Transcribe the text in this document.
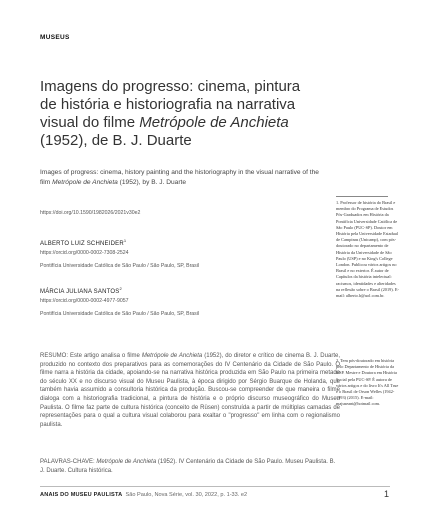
MUSEUS
Imagens do progresso: cinema, pintura de história e historiografia na narrativa visual do filme Metrópole de Anchieta (1952), de B. J. Duarte

Images of progress: cinema, history painting and the historiography in the visual narrative of the film Metrópole de Anchieta (1952), by B. J. Duarte

https://doi.org/10.1590/1982026/2021v30e2
ALBERTO LUIZ SCHNEIDER$^1$
https://orcid.org/0000-0002-7308-2524
Pontifícia Universidade Católica de São Paulo / São Paulo, SP, Brasil
MÁRCIA JULIANA SANTOS$^2$
https://orcid.org/0000-0002-4977-9057
Pontifícia Universidade Católica de São Paulo / São Paulo, SP, Brasil

1. Professor de história do Brasil e membro do Programa de Estudos Pós-Graduados em História da Pontifícia Universidade Católica de São Paulo (PUC-SP). Doutor em História pela Universidade Estadual de Campinas (Unicamp), com pós-doutorado no departamento de História da Universidade de São Paulo (USP) e no King's College London. Publicou vários artigos no Brasil e no exterior. É autor de Capítulos da história intelectual: racismos, identidades e alteridades na reflexão sobre o Brasil (2019). E-mail: alberto.h@uol.com.br.

2. Tem pós-doutorado em história pelo Departamento de História da USP. Mestre e Doutora em História Social pela PUC-SP. É autora de vários artigos e do livro It's All True e o Brasil de Orson Welles (1942-1993) (2015). E-mail: majuseant@hotmail.com.

RESUMO: Este artigo analisa o filme Metrópole de Anchieta (1952), do diretor e crítico de cinema B. J. Duarte, produzido no contexto dos preparativos para as comemorações do IV Centenário da Cidade de São Paulo. O filme narra a história da cidade, apoiando-se na narrativa histórica produzida em São Paulo na primeira metade do século XX e no discurso visual do Museu Paulista, à época dirigido por Sérgio Buarque de Holanda, que também havia assumido a consultoria histórica da produção. Buscou-se compreender de que maneira o filme dialoga com a historiografia tradicional, a pintura de história e o próprio discurso museográfico do Museu Paulista. O filme faz parte de cultura histórica (conceito de Rüsen) construída a partir de múltiplas camadas de representações para o qual a cultura visual colaborou para exaltar o "progresso" em linha com o regionalismo paulista.

PALAVRAS-CHAVE: Metrópole de Anchieta (1952). IV Centenário da Cidade de São Paulo. Museu Paulista. B. J. Duarte. Cultura histórica.

ANAIS DO MUSEU PAULISTA São Paulo, Nova Série, vol. 30, 2022, p. 1-33. e2	1
